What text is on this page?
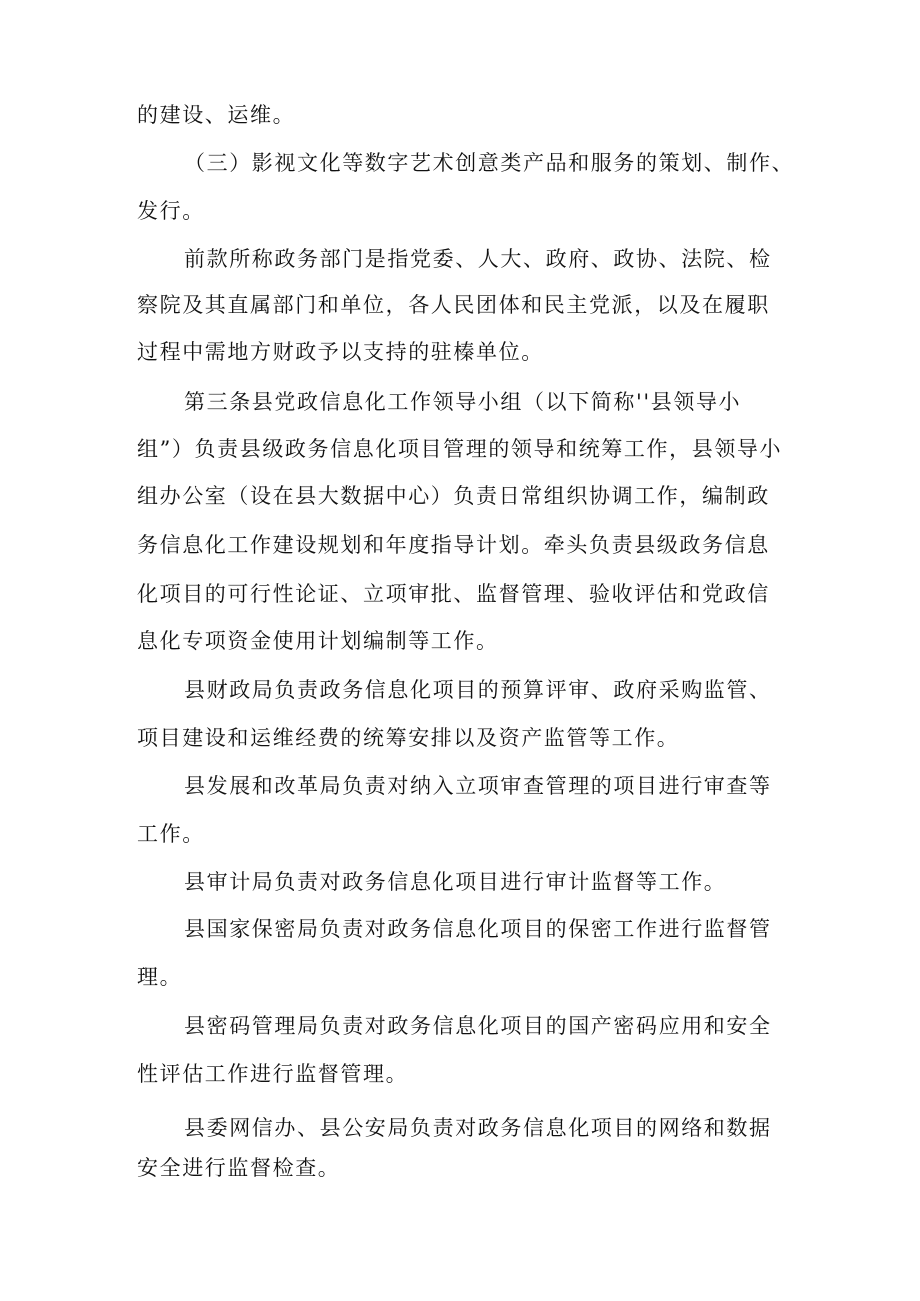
的建设、运维。
（三）影视文化等数字艺术创意类产品和服务的策划、制作、
发行。
前款所称政务部门是指党委、人大、政府、政协、法院、检
察院及其直属部门和单位，各人民团体和民主党派，以及在履职
过程中需地方财政予以支持的驻榛单位。
第三条县党政信息化工作领导小组（以下简称''县领导小
组”）负责县级政务信息化项目管理的领导和统筹工作，县领导小
组办公室（设在县大数据中心）负责日常组织协调工作，编制政
务信息化工作建设规划和年度指导计划。牵头负责县级政务信息
化项目的可行性论证、立项审批、监督管理、验收评估和党政信
息化专项资金使用计划编制等工作。
县财政局负责政务信息化项目的预算评审、政府采购监管、
项目建设和运维经费的统筹安排以及资产监管等工作。
县发展和改革局负责对纳入立项审查管理的项目进行审查等
工作。
县审计局负责对政务信息化项目进行审计监督等工作。
县国家保密局负责对政务信息化项目的保密工作进行监督管
理。
县密码管理局负责对政务信息化项目的国产密码应用和安全
性评估工作进行监督管理。
县委网信办、县公安局负责对政务信息化项目的网络和数据
安全进行监督检查。
